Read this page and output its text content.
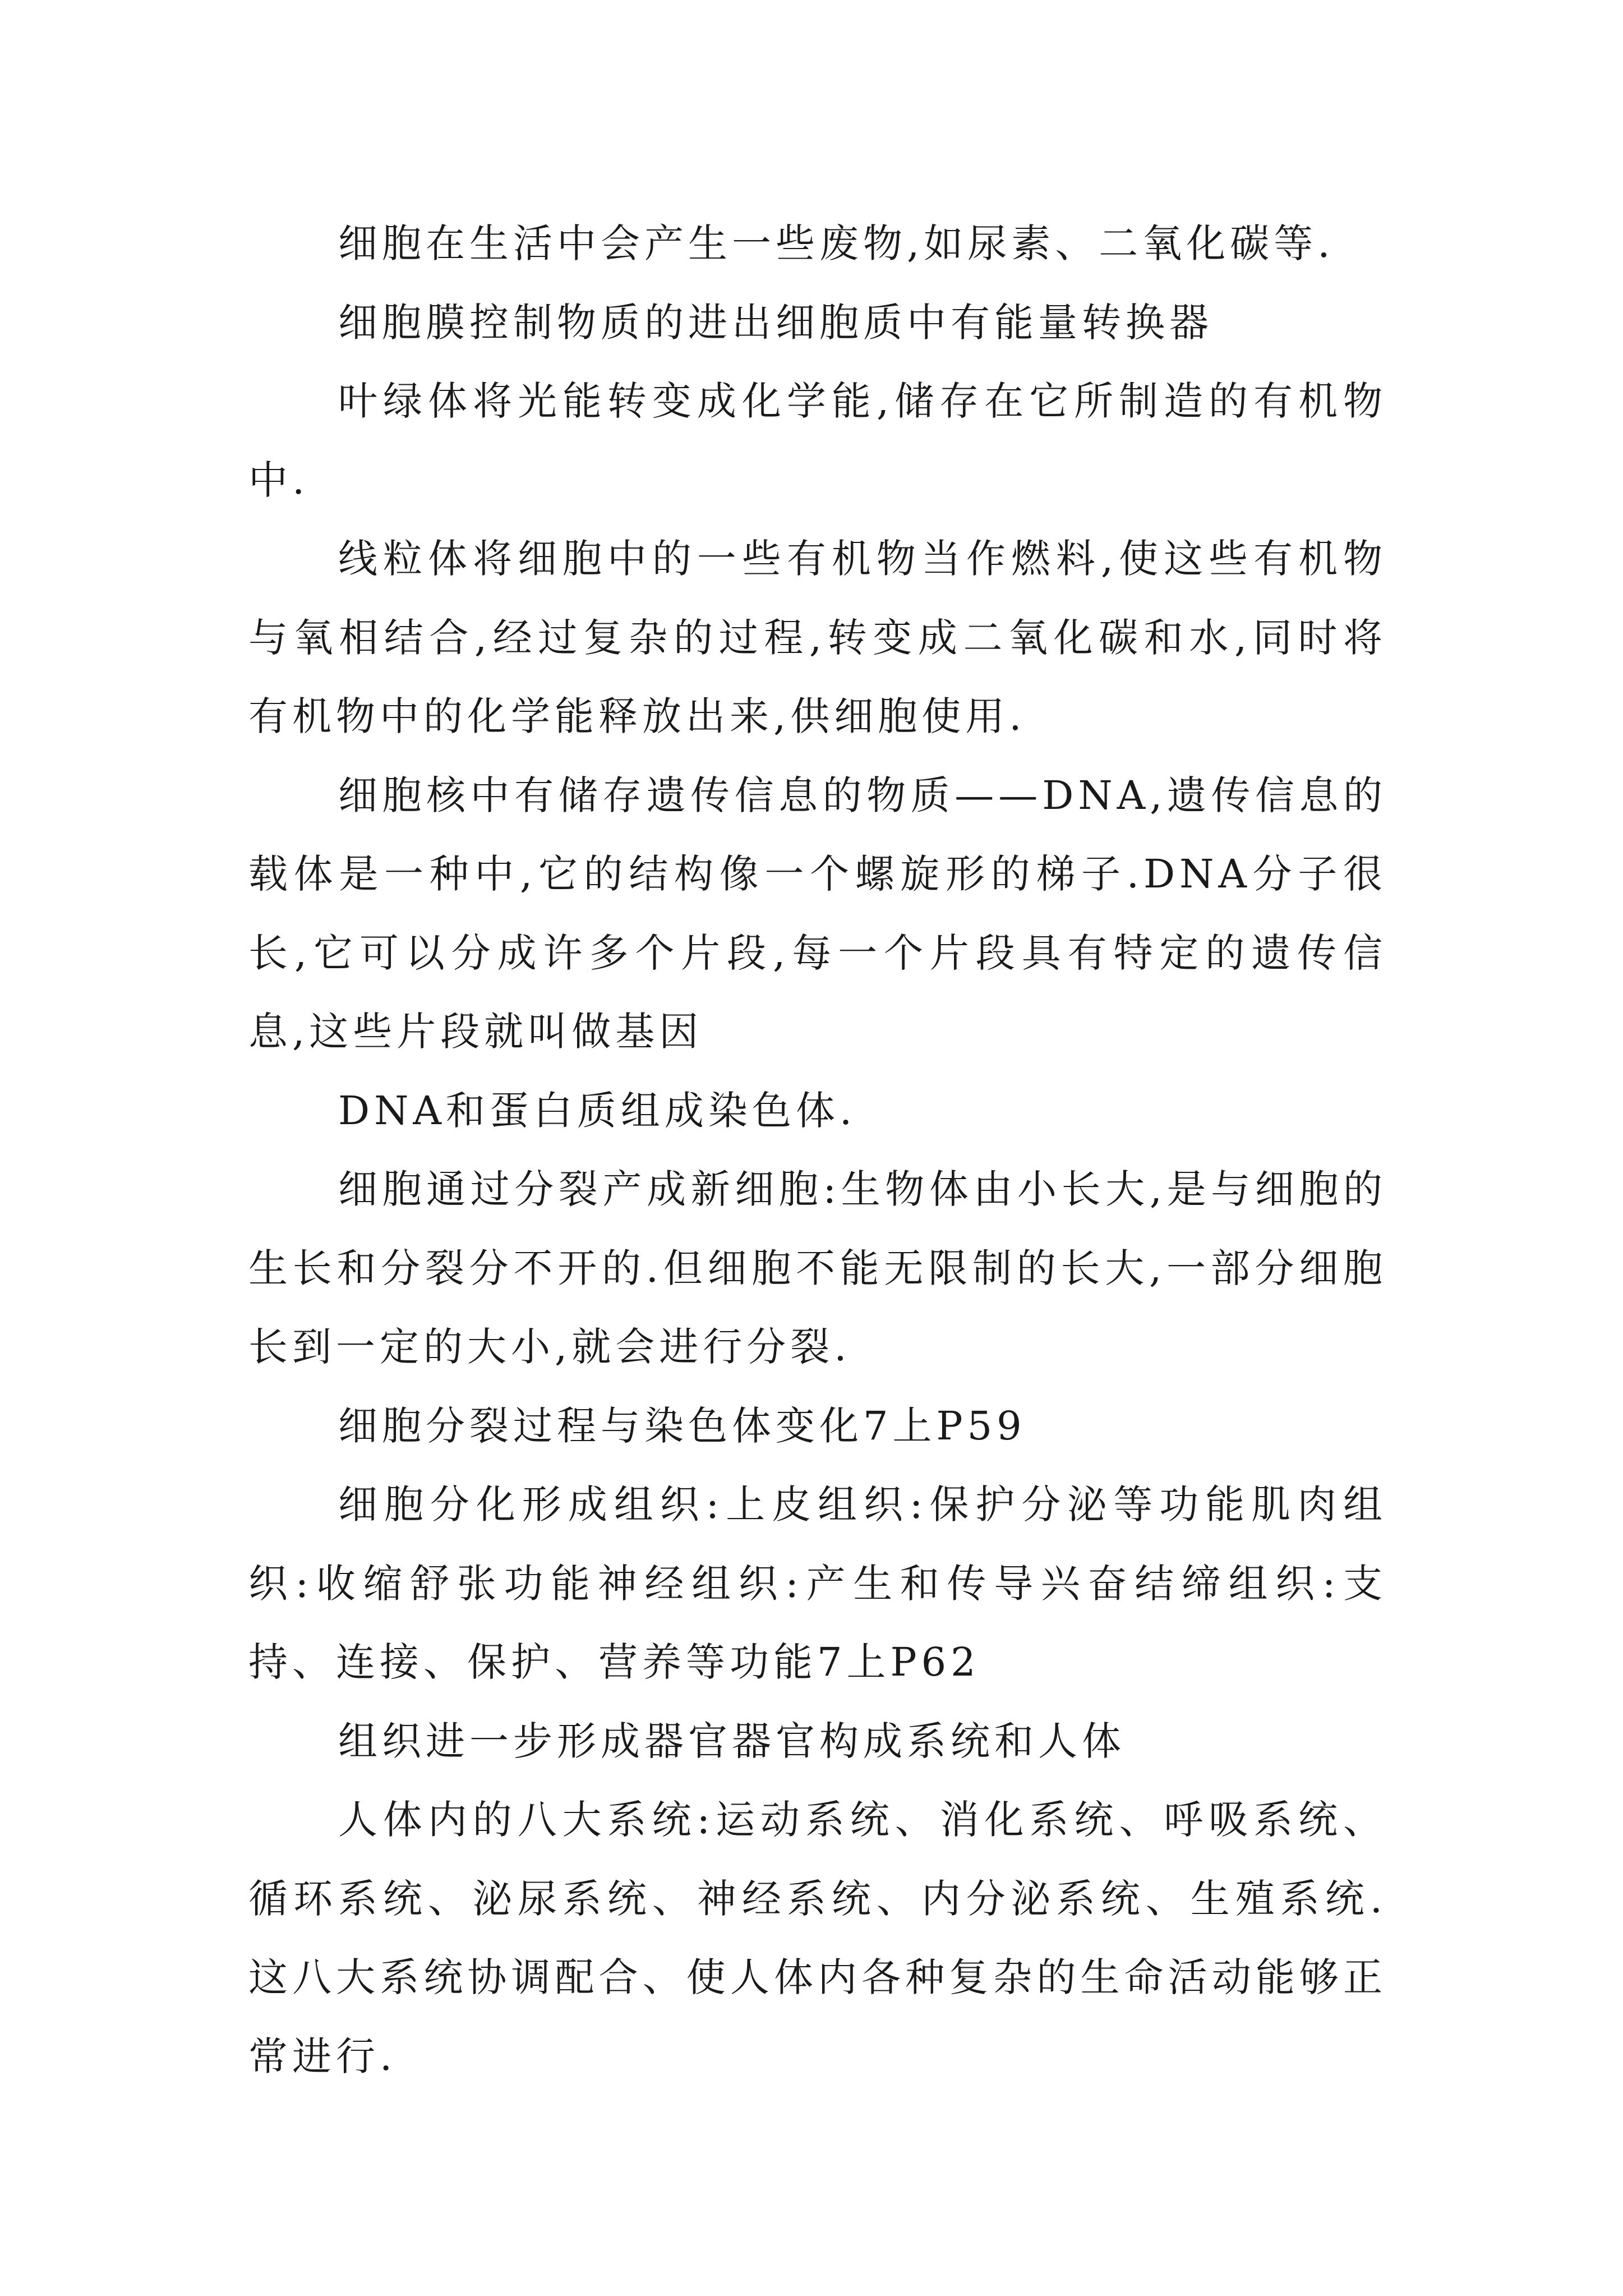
细胞在生活中会产生一些废物,如尿素、二氧化碳等.

细胞膜控制物质的进出细胞质中有能量转换器

叶绿体将光能转变成化学能,储存在它所制造的有机物中.

线粒体将细胞中的一些有机物当作燃料,使这些有机物与氧相结合,经过复杂的过程,转变成二氧化碳和水,同时将有机物中的化学能释放出来,供细胞使用.

细胞核中有储存遗传信息的物质——DNA,遗传信息的载体是一种中,它的结构像一个螺旋形的梯子.DNA分子很长,它可以分成许多个片段,每一个片段具有特定的遗传信息,这些片段就叫做基因

DNA和蛋白质组成染色体.

细胞通过分裂产成新细胞:生物体由小长大,是与细胞的生长和分裂分不开的.但细胞不能无限制的长大,一部分细胞长到一定的大小,就会进行分裂.

细胞分裂过程与染色体变化7上P59

细胞分化形成组织:上皮组织:保护分泌等功能肌肉组织:收缩舒张功能神经组织:产生和传导兴奋结缔组织:支持、连接、保护、营养等功能7上P62

组织进一步形成器官器官构成系统和人体

人体内的八大系统:运动系统、消化系统、呼吸系统、循环系统、泌尿系统、神经系统、内分泌系统、生殖系统.这八大系统协调配合、使人体内各种复杂的生命活动能够正常进行.
